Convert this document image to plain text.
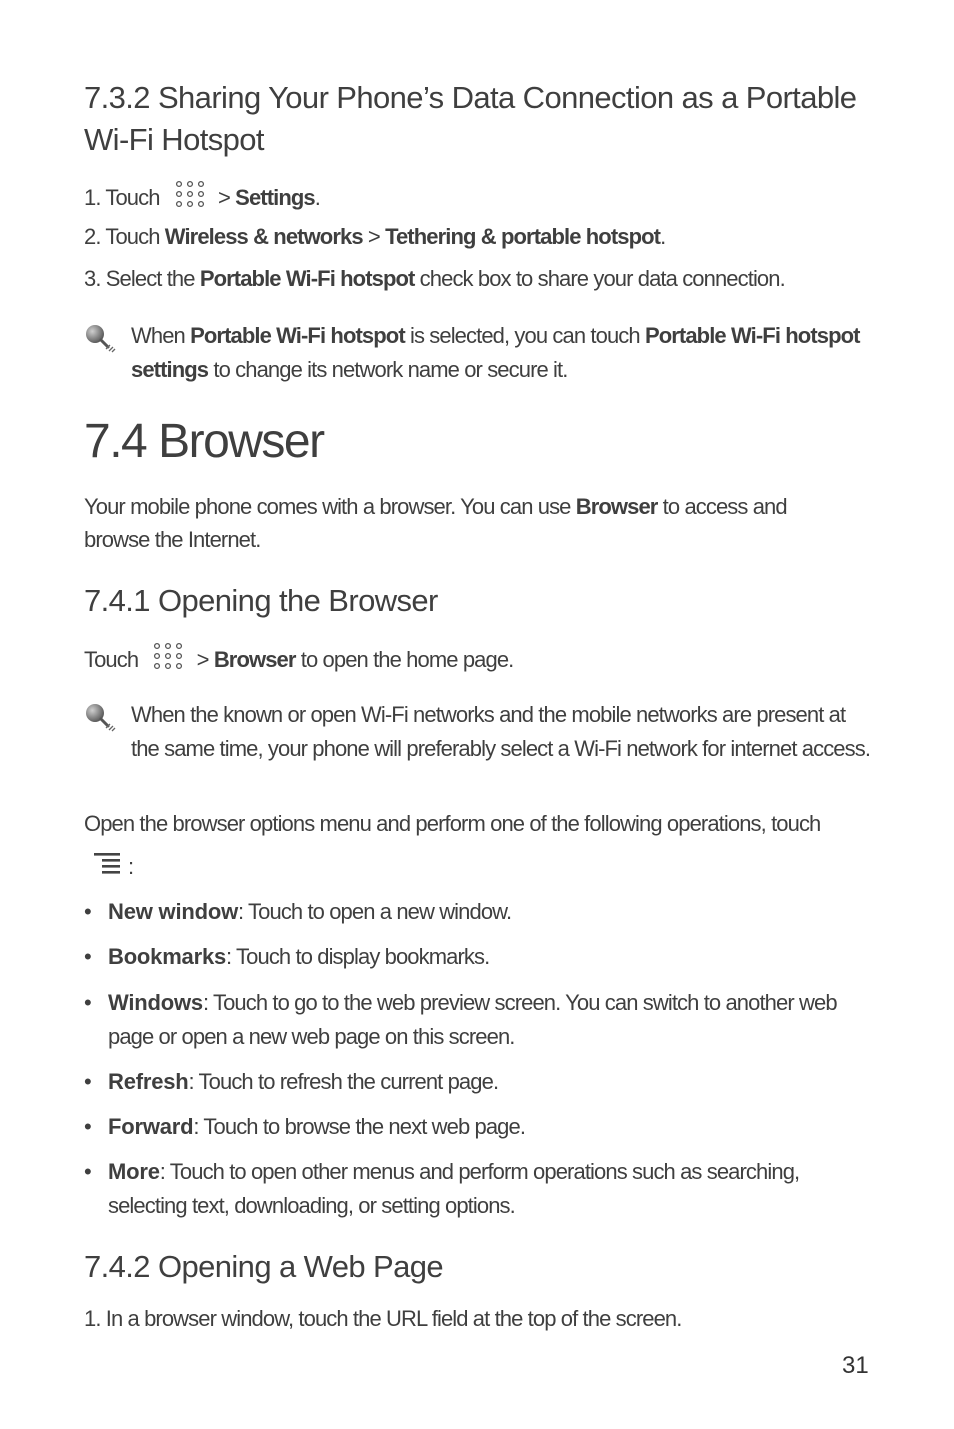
7.3.2 Sharing Your Phone’s Data Connection as a Portable Wi-Fi Hotspot
1. Touch  > Settings.
2. Touch Wireless & networks > Tethering & portable hotspot.
3. Select the Portable Wi-Fi hotspot check box to share your data connection.
When Portable Wi-Fi hotspot is selected, you can touch Portable Wi-Fi hotspot settings to change its network name or secure it.
7.4 Browser
Your mobile phone comes with a browser. You can use Browser to access and browse the Internet.
7.4.1 Opening the Browser
Touch  > Browser to open the home page.
When the known or open Wi-Fi networks and the mobile networks are present at the same time, your phone will preferably select a Wi-Fi network for internet access.
Open the browser options menu and perform one of the following operations, touch
:
• New window: Touch to open a new window.
• Bookmarks: Touch to display bookmarks.
• Windows: Touch to go to the web preview screen. You can switch to another web page or open a new web page on this screen.
• Refresh: Touch to refresh the current page.
• Forward: Touch to browse the next web page.
• More: Touch to open other menus and perform operations such as searching, selecting text, downloading, or setting options.
7.4.2 Opening a Web Page
1. In a browser window, touch the URL field at the top of the screen.
31
